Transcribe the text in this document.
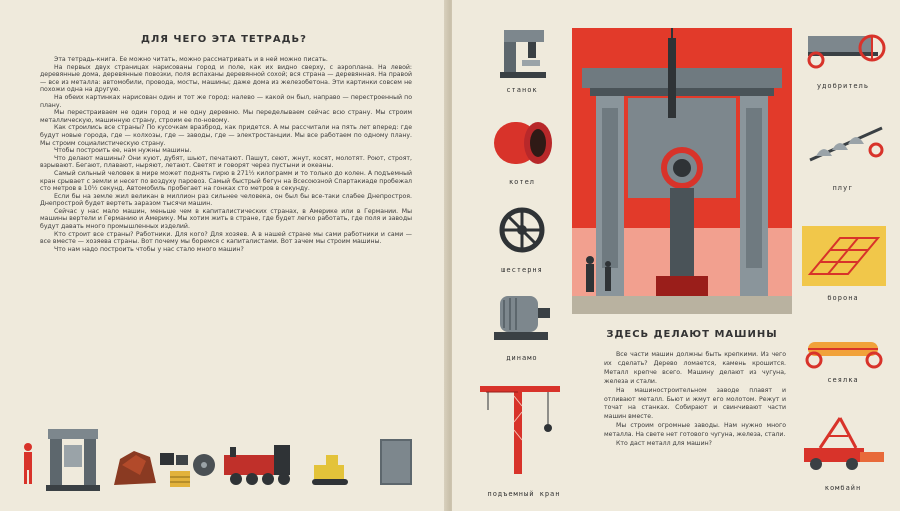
ДЛЯ ЧЕГО ЭТА ТЕТРАДЬ?

Эта тетрадь-книга. Ее можно читать, можно рассматривать и в ней можно писать.

На первых двух страницах нарисованы город и поле, как их видно сверху, с аэроплана. На левой: деревянные дома, деревянные повозки, поля вспаханы деревянной сохой; вся страна — деревянная. На правой — все из металла: автомобили, провода, мосты, машины; даже дома из железобетона. Эти картинки совсем не похожи одна на другую.

На обеих картинках нарисован один и тот же город: налево — какой он был, направо — перестроенный по плану.

Мы перестраиваем не один город и не одну деревню. Мы переделываем сейчас всю страну. Мы строим металлическую, машинную страну, строим ее по-новому.

Как строились все страны? По кусочкам вразброд, как придется. А мы рассчитали на пять лет вперед: где будут новые города, где — колхозы, где — заводы, где — электростанции. Мы все работаем по одному плану. Мы строим социалистическую страну.

Чтобы построить ее, нам нужны машины.

Что делают машины? Они куют, дубят, шьют, печатают. Пашут, сеют, жнут, косят, молотят. Роют, строят, взрывают. Бегают, плавают, ныряют, летают. Светят и говорят через пустыни и океаны.

Самый сильный человек в мире может поднять гирю в 271½ килограмм и то только до колен. А подъемный кран срывает с земли и несет по воздуху паровоз. Самый быстрый бегун на Всесоюзной Спартакиаде пробежал сто метров в 10½ секунд. Автомобиль пробегает на гонках сто метров в секунду.

Если бы на земле жил великан в миллион раз сильнее человека, он был бы все-таки слабее Днепростроя. Днепрострой будет вертеть заразом тысячи машин.

Сейчас у нас мало машин, меньше чем в капиталистических странах, в Америке или в Германии. Мы машины вертели и Германию и Америку. Мы хотим жить в стране, где будет легко работать, где поля и заводы будут давать много промышленных изделий.

Кто строит все страны? Работники. Для кого? Для хозяев. А в нашей стране мы сами работники и сами — все вместе — хозяева страны. Вот почему мы боремся с капиталистами. Вот зачем мы строим машины.

Что нам надо построить чтобы у нас стало много машин?

станок
котел
шестерня
динамо
подъемный кран
ЗДЕСЬ ДЕЛАЮТ МАШИНЫ

Все части машин должны быть крепкими. Из чего их сделать? Дерево ломается, камень крошится. Металл крепче всего. Машину делают из чугуна, железа и стали.

На машиностроительном заводе плавят и отливают металл. Бьют и жмут его молотом. Режут и точат на станках. Собирают и свинчивают части машин вместе.

Мы строим огромные заводы. Нам нужно много металла. На свете нет готового чугуна, железа, стали.

Кто даст металл для машин?

удобритель
плуг
борона
сеялка
комбайн
